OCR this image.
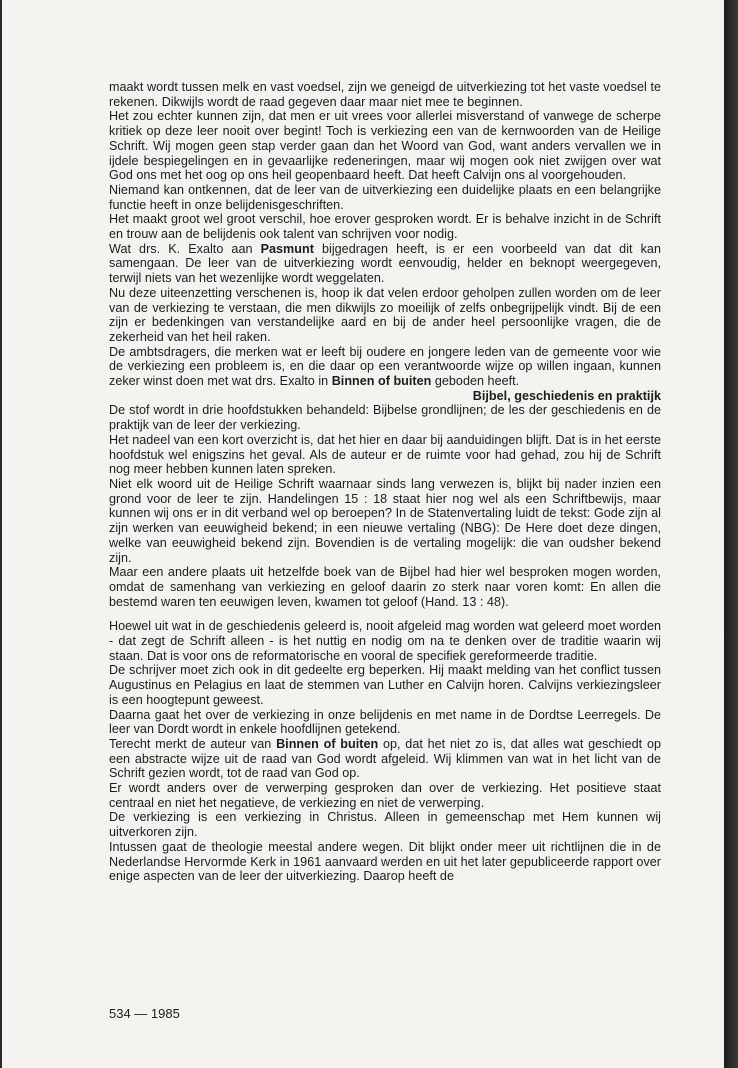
maakt wordt tussen melk en vast voedsel, zijn we geneigd de uitverkiezing tot het vaste voedsel te rekenen. Dikwijls wordt de raad gegeven daar maar niet mee te beginnen.

Het zou echter kunnen zijn, dat men er uit vrees voor allerlei misverstand of vanwege de scherpe kritiek op deze leer nooit over begint! Toch is verkiezing een van de kernwoorden van de Heilige Schrift. Wij mogen geen stap verder gaan dan het Woord van God, want anders vervallen we in ijdele bespiegelingen en in gevaarlijke redeneringen, maar wij mogen ook niet zwijgen over wat God ons met het oog op ons heil geopenbaard heeft. Dat heeft Calvijn ons al voorgehouden.

Niemand kan ontkennen, dat de leer van de uitverkiezing een duidelijke plaats en een belangrijke functie heeft in onze belijdenisgeschriften.

Het maakt groot wel groot verschil, hoe erover gesproken wordt. Er is behalve inzicht in de Schrift en trouw aan de belijdenis ook talent van schrijven voor nodig.

Wat drs. K. Exalto aan Pasmunt bijgedragen heeft, is er een voorbeeld van dat dit kan samengaan. De leer van de uitverkiezing wordt eenvoudig, helder en beknopt weergegeven, terwijl niets van het wezenlijke wordt weggelaten.

Nu deze uiteenzetting verschenen is, hoop ik dat velen erdoor geholpen zullen worden om de leer van de verkiezing te verstaan, die men dikwijls zo moeilijk of zelfs onbegrijpelijk vindt. Bij de een zijn er bedenkingen van verstandelijke aard en bij de ander heel persoonlijke vragen, die de zekerheid van het heil raken.

De ambtsdragers, die merken wat er leeft bij oudere en jongere leden van de gemeente voor wie de verkiezing een probleem is, en die daar op een verantwoorde wijze op willen ingaan, kunnen zeker winst doen met wat drs. Exalto in Binnen of buiten geboden heeft.

Bijbel, geschiedenis en praktijk

De stof wordt in drie hoofdstukken behandeld: Bijbelse grondlijnen; de les der geschiedenis en de praktijk van de leer der verkiezing.

Het nadeel van een kort overzicht is, dat het hier en daar bij aanduidingen blijft. Dat is in het eerste hoofdstuk wel enigszins het geval. Als de auteur er de ruimte voor had gehad, zou hij de Schrift nog meer hebben kunnen laten spreken.

Niet elk woord uit de Heilige Schrift waarnaar sinds lang verwezen is, blijkt bij nader inzien een grond voor de leer te zijn. Handelingen 15 : 18 staat hier nog wel als een Schriftbewijs, maar kunnen wij ons er in dit verband wel op beroepen? In de Statenvertaling luidt de tekst: Gode zijn al zijn werken van eeuwigheid bekend; in een nieuwe vertaling (NBG): De Here doet deze dingen, welke van eeuwigheid bekend zijn. Bovendien is de vertaling mogelijk: die van oudsher bekend zijn.

Maar een andere plaats uit hetzelfde boek van de Bijbel had hier wel besproken mogen worden, omdat de samenhang van verkiezing en geloof daarin zo sterk naar voren komt: En allen die bestemd waren ten eeuwigen leven, kwamen tot geloof (Hand. 13 : 48).

Hoewel uit wat in de geschiedenis geleerd is, nooit afgeleid mag worden wat geleerd moet worden - dat zegt de Schrift alleen - is het nuttig en nodig om na te denken over de traditie waarin wij staan. Dat is voor ons de reformatorische en vooral de specifiek gereformeerde traditie.

De schrijver moet zich ook in dit gedeelte erg beperken. Hij maakt melding van het conflict tussen Augustinus en Pelagius en laat de stemmen van Luther en Calvijn horen. Calvijns verkiezingsleer is een hoogtepunt geweest.

Daarna gaat het over de verkiezing in onze belijdenis en met name in de Dordtse Leerregels. De leer van Dordt wordt in enkele hoofdlijnen getekend.

Terecht merkt de auteur van Binnen of buiten op, dat het niet zo is, dat alles wat geschiedt op een abstracte wijze uit de raad van God wordt afgeleid. Wij klimmen van wat in het licht van de Schrift gezien wordt, tot de raad van God op.

Er wordt anders over de verwerping gesproken dan over de verkiezing. Het positieve staat centraal en niet het negatieve, de verkiezing en niet de verwerping.

De verkiezing is een verkiezing in Christus. Alleen in gemeenschap met Hem kunnen wij uitverkoren zijn.

Intussen gaat de theologie meestal andere wegen. Dit blijkt onder meer uit richtlijnen die in de Nederlandse Hervormde Kerk in 1961 aanvaard werden en uit het later gepubliceerde rapport over enige aspecten van de leer der uitverkiezing. Daarop heeft de

534 — 1985
